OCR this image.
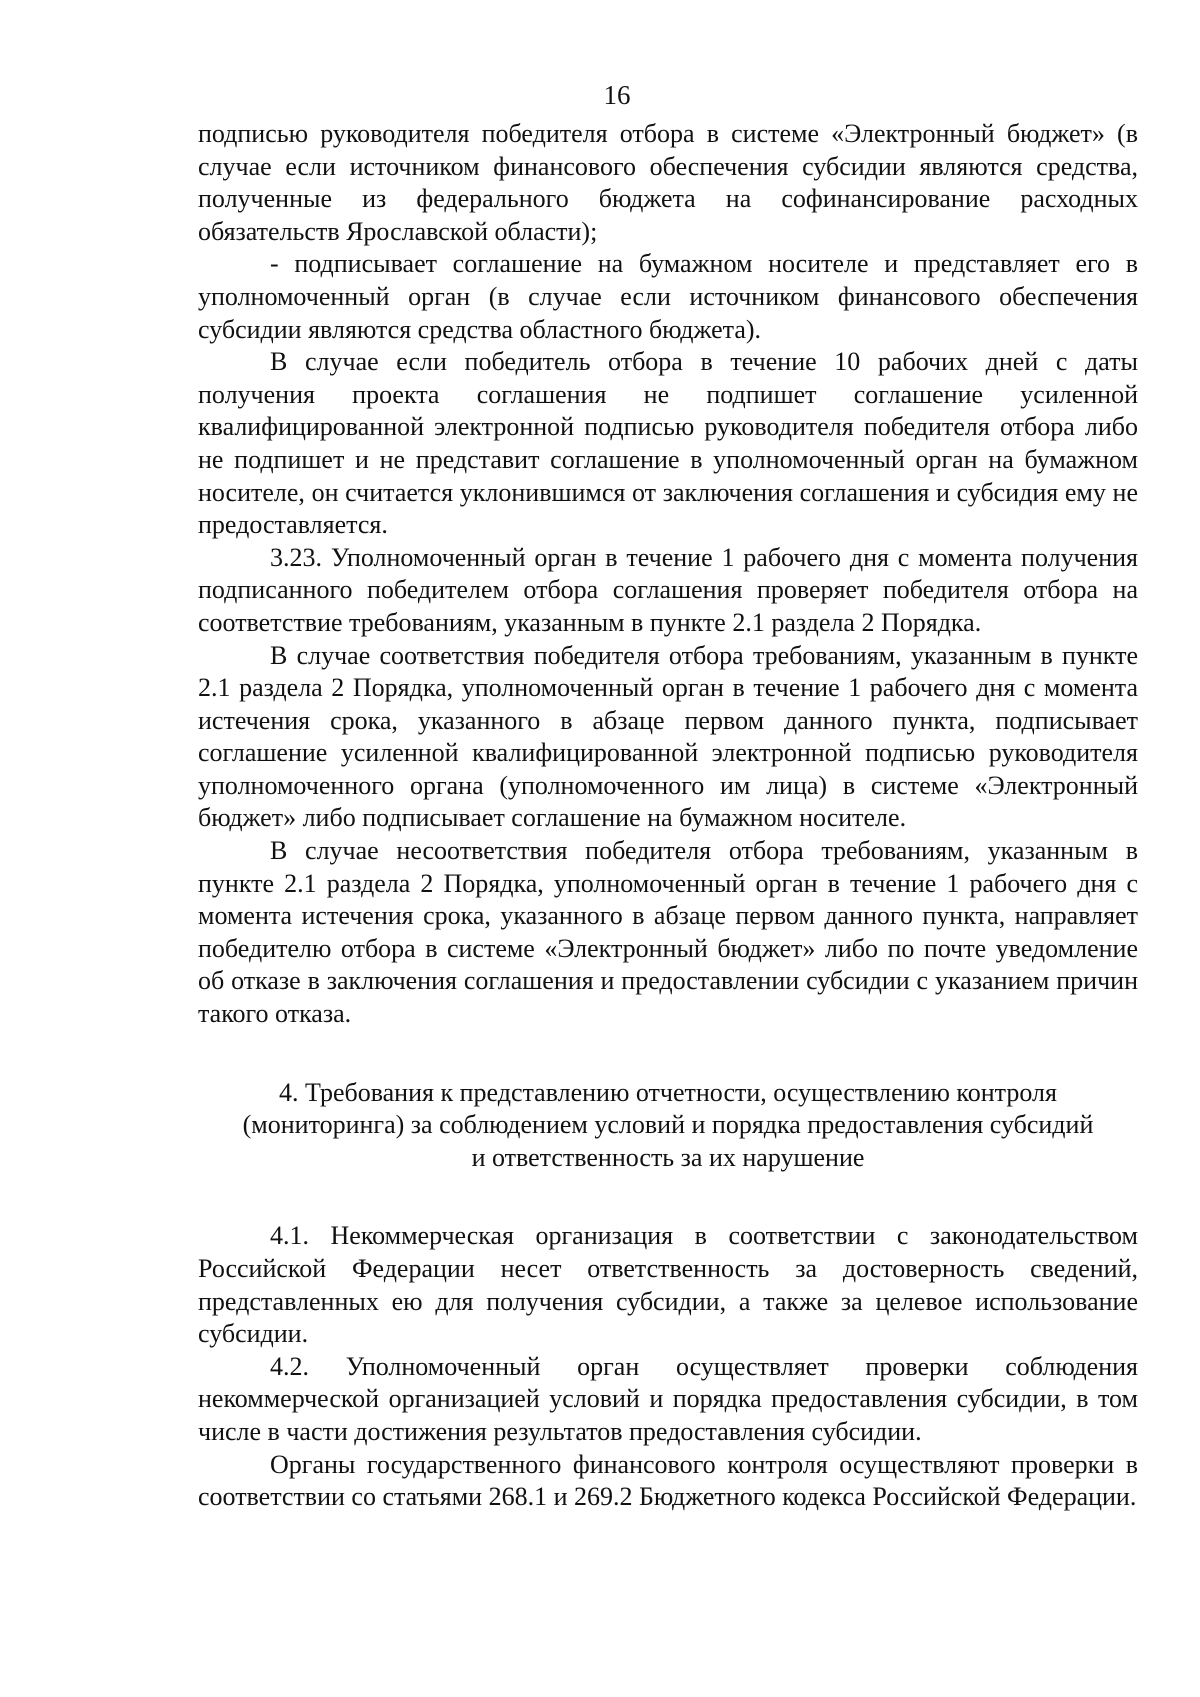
16

подписью руководителя победителя отбора в системе «Электронный бюджет» (в случае если источником финансового обеспечения субсидии являются средства, полученные из федерального бюджета на софинансирование расходных обязательств Ярославской области);

- подписывает соглашение на бумажном носителе и представляет его в уполномоченный орган (в случае если источником финансового обеспечения субсидии являются средства областного бюджета).

В случае если победитель отбора в течение 10 рабочих дней с даты получения проекта соглашения не подпишет соглашение усиленной квалифицированной электронной подписью руководителя победителя отбора либо не подпишет и не представит соглашение в уполномоченный орган на бумажном носителе, он считается уклонившимся от заключения соглашения и субсидия ему не предоставляется.

3.23. Уполномоченный орган в течение 1 рабочего дня с момента получения подписанного победителем отбора соглашения проверяет победителя отбора на соответствие требованиям, указанным в пункте 2.1 раздела 2 Порядка.

В случае соответствия победителя отбора требованиям, указанным в пункте 2.1 раздела 2 Порядка, уполномоченный орган в течение 1 рабочего дня с момента истечения срока, указанного в абзаце первом данного пункта, подписывает соглашение усиленной квалифицированной электронной подписью руководителя уполномоченного органа (уполномоченного им лица) в системе «Электронный бюджет» либо подписывает соглашение на бумажном носителе.

В случае несоответствия победителя отбора требованиям, указанным в пункте 2.1 раздела 2 Порядка, уполномоченный орган в течение 1 рабочего дня с момента истечения срока, указанного в абзаце первом данного пункта, направляет победителю отбора в системе «Электронный бюджет» либо по почте уведомление об отказе в заключения соглашения и предоставлении субсидии с указанием причин такого отказа.

4. Требования к представлению отчетности, осуществлению контроля
(мониторинга) за соблюдением условий и порядка предоставления субсидий
и ответственность за их нарушение

4.1. Некоммерческая организация в соответствии с законодательством Российской Федерации несет ответственность за достоверность сведений, представленных ею для получения субсидии, а также за целевое использование субсидии.

4.2. Уполномоченный орган осуществляет проверки соблюдения некоммерческой организацией условий и порядка предоставления субсидии, в том числе в части достижения результатов предоставления субсидии.

Органы государственного финансового контроля осуществляют проверки в соответствии со статьями 268.1 и 269.2 Бюджетного кодекса Российской Федерации.
